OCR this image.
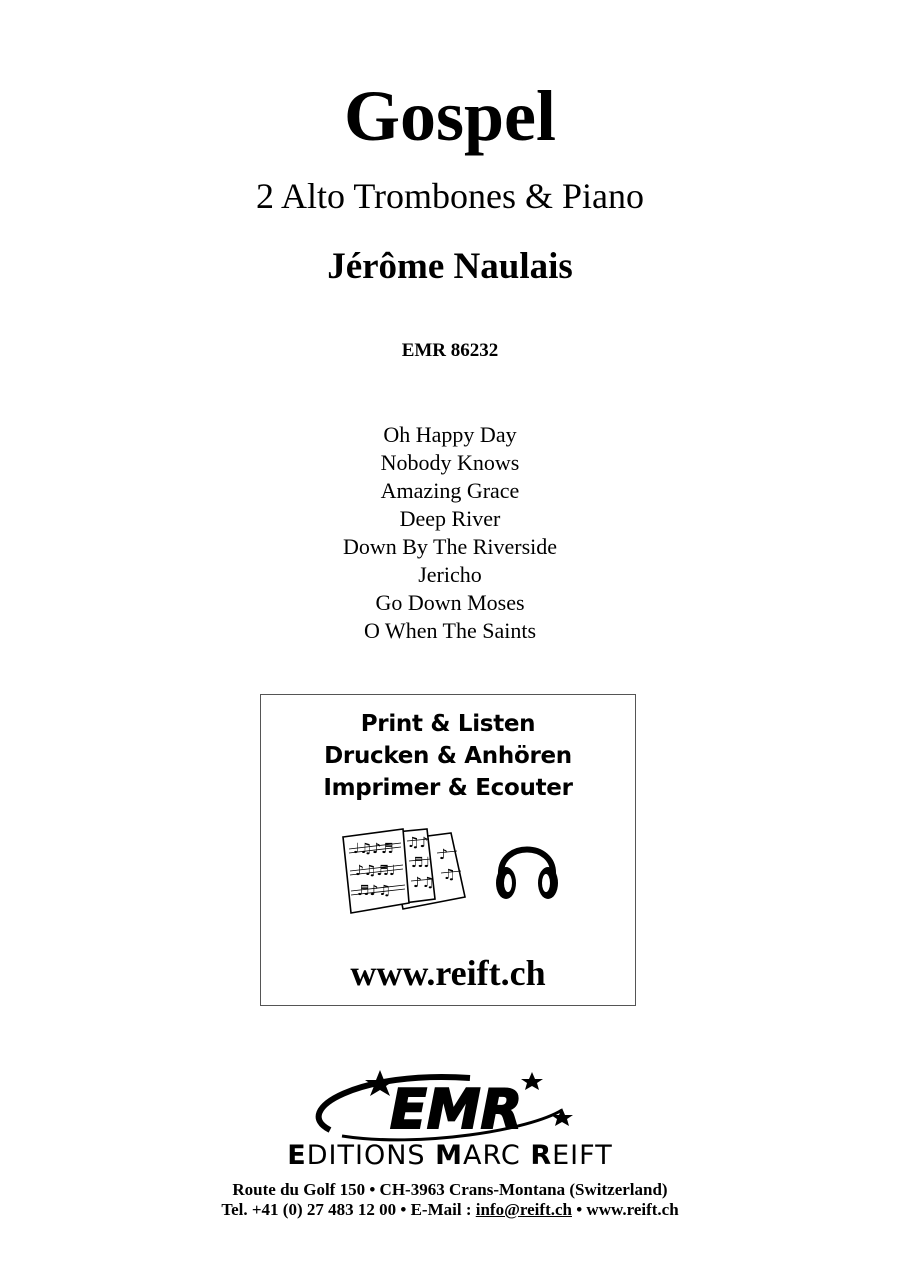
Gospel
2 Alto Trombones & Piano
Jérôme Naulais
EMR 86232
Oh Happy Day
Nobody Knows
Amazing Grace
Deep River
Down By The Riverside
Jericho
Go Down Moses
O When The Saints
Print & Listen
Drucken & Anhören
Imprimer & Ecouter
♩♫♪♬
♪♫♬♩
♬♪♫
♫♪
♬♩
♪♫
♪
♫
www.reift.ch
EMR
EDITIONS MARC REIFT
Route du Golf 150 • CH-3963 Crans-Montana (Switzerland)
Tel. +41 (0) 27 483 12 00 • E-Mail : info@reift.ch • www.reift.ch
